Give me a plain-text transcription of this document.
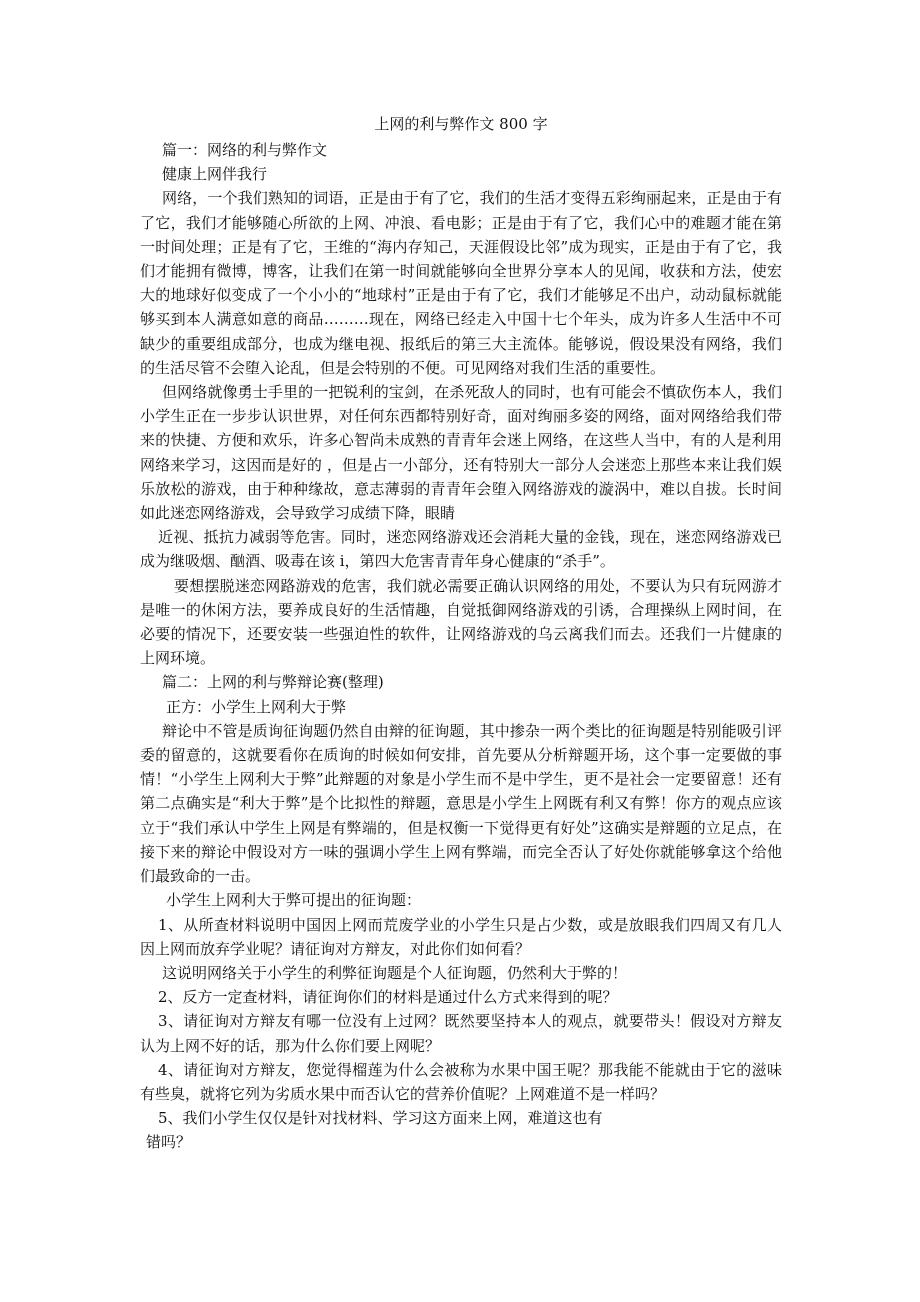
上网的利与弊作文 800 字
篇一：网络的利与弊作文
健康上网伴我行

网络，一个我们熟知的词语，正是由于有了它，我们的生活才变得五彩绚丽起来，正是由于有了它，我们才能够随心所欲的上网、冲浪、看电影；正是由于有了它，我们心中的难题才能在第一时间处理；正是有了它，王维的“海内存知己，天涯假设比邻”成为现实，正是由于有了它，我们才能拥有微博，博客，让我们在第一时间就能够向全世界分享本人的见闻，收获和方法，使宏大的地球好似变成了一个小小的“地球村”正是由于有了它，我们才能够足不出户，动动鼠标就能够买到本人满意如意的商品………现在，网络已经走入中国十七个年头，成为许多人生活中不可缺少的重要组成部分，也成为继电视、报纸后的第三大主流体。能够说，假设果没有网络，我们的生活尽管不会堕入论乱，但是会特别的不便。可见网络对我们生活的重要性。

但网络就像勇士手里的一把锐利的宝剑，在杀死敌人的同时，也有可能会不慎砍伤本人，我们小学生正在一步步认识世界，对任何东西都特别好奇，面对绚丽多姿的网络，面对网络给我们带来的快捷、方便和欢乐，许多心智尚未成熟的青青年会迷上网络，在这些人当中，有的人是利用网络来学习，这因而是好的 ，但是占一小部分，还有特别大一部分人会迷恋上那些本来让我们娱乐放松的游戏，由于种种缘故，意志薄弱的青青年会堕入网络游戏的漩涡中，难以自拔。长时间如此迷恋网络游戏，会导致学习成绩下降，眼睛

近视、抵抗力减弱等危害。同时，迷恋网络游戏还会消耗大量的金钱，现在，迷恋网络游戏已成为继吸烟、酗酒、吸毒在该 i，第四大危害青青年身心健康的“杀手”。

要想摆脱迷恋网路游戏的危害，我们就必需要正确认识网络的用处，不要认为只有玩网游才是唯一的休闲方法，要养成良好的生活情趣，自觉抵御网络游戏的引诱，合理操纵上网时间，在必要的情况下，还要安装一些强迫性的软件，让网络游戏的乌云离我们而去。还我们一片健康的上网环境。

篇二：上网的利与弊辩论赛(整理)
正方：小学生上网利大于弊

辩论中不管是质询征询题仍然自由辩的征询题，其中掺杂一两个类比的征询题是特别能吸引评委的留意的，这就要看你在质询的时候如何安排，首先要从分析辩题开场，这个事一定要做的事情！“小学生上网利大于弊”此辩题的对象是小学生而不是中学生，更不是社会一定要留意！还有第二点确实是“利大于弊”是个比拟性的辩题，意思是小学生上网既有利又有弊！你方的观点应该立于“我们承认中学生上网是有弊端的，但是权衡一下觉得更有好处”这确实是辩题的立足点，在接下来的辩论中假设对方一味的强调小学生上网有弊端，而完全否认了好处你就能够拿这个给他们最致命的一击。

小学生上网利大于弊可提出的征询题：

1、从所查材料说明中国因上网而荒废学业的小学生只是占少数，或是放眼我们四周又有几人因上网而放弃学业呢？请征询对方辩友，对此你们如何看？

这说明网络关于小学生的利弊征询题是个人征询题，仍然利大于弊的！

2、反方一定查材料，请征询你们的材料是通过什么方式来得到的呢？

3、请征询对方辩友有哪一位没有上过网？既然要坚持本人的观点，就要带头！假设对方辩友认为上网不好的话，那为什么你们要上网呢？

4、请征询对方辩友，您觉得榴莲为什么会被称为水果中国王呢？那我能不能就由于它的滋味有些臭，就将它列为劣质水果中而否认它的营养价值呢？上网难道不是一样吗？

5、我们小学生仅仅是针对找材料、学习这方面来上网，难道这也有

错吗？
